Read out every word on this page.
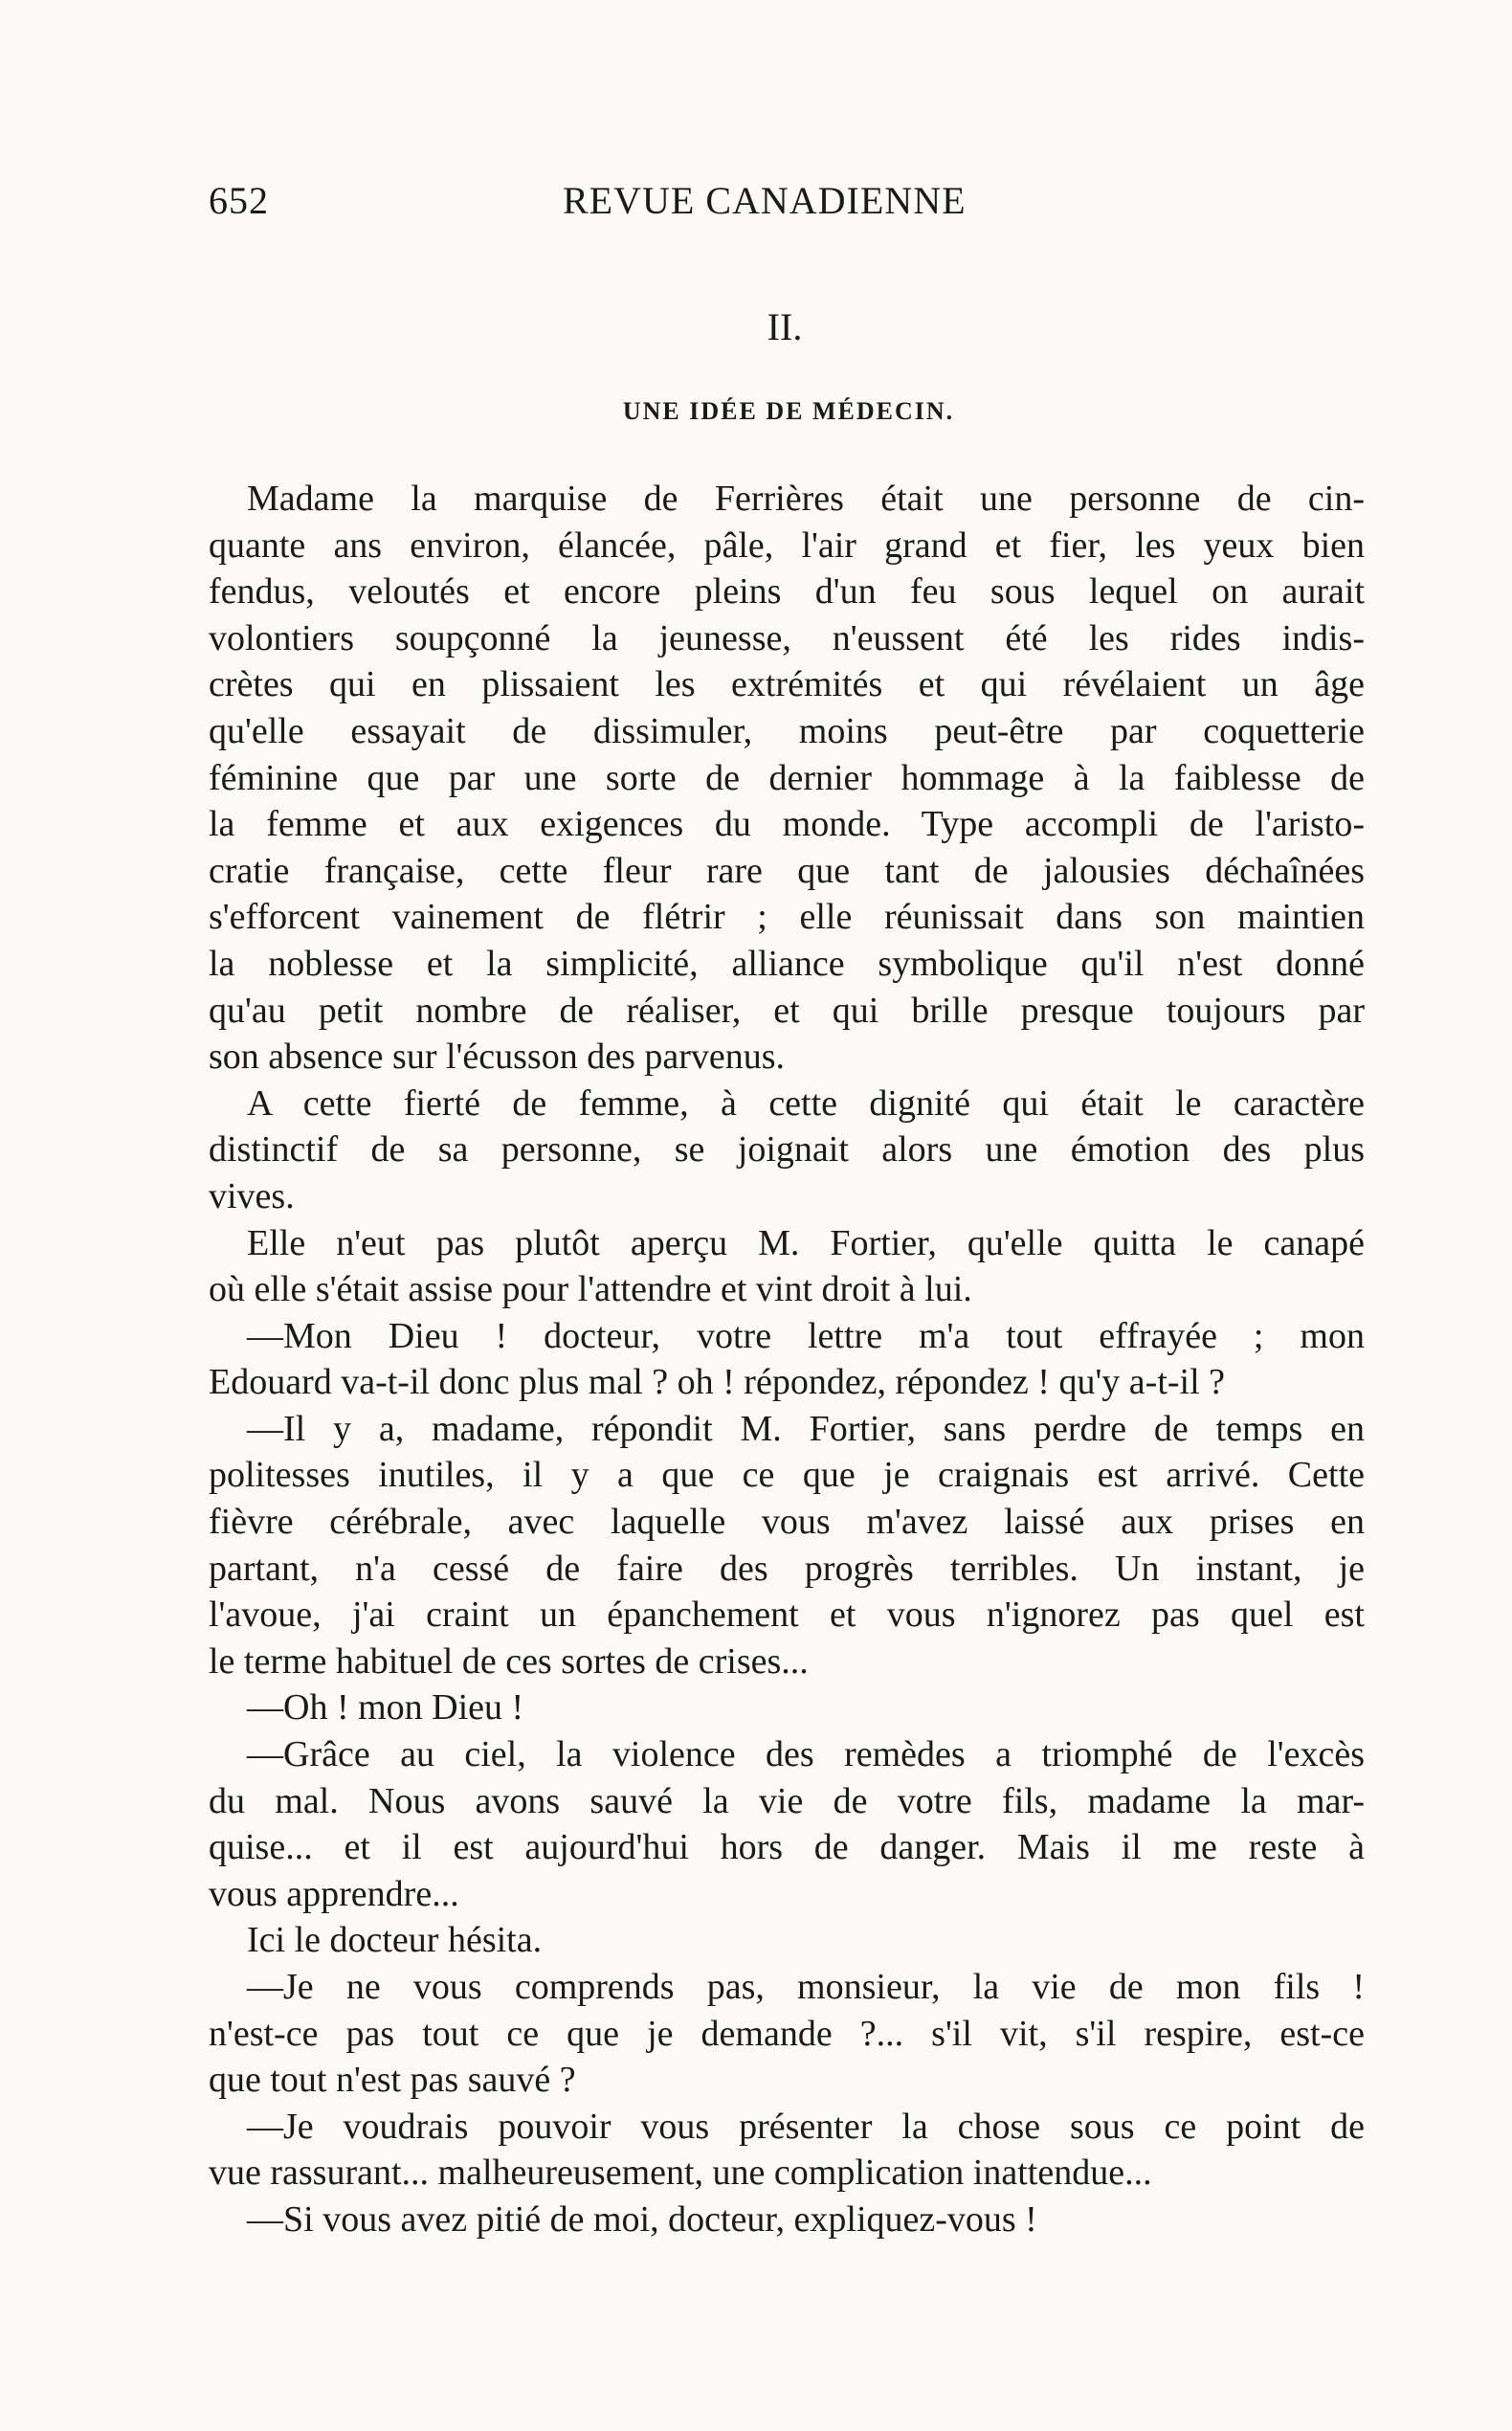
652	REVUE CANADIENNE
II.
UNE IDÉE DE MÉDECIN.

Madame la marquise de Ferrières était une personne de cin-
quante ans environ, élancée, pâle, l'air grand et fier, les yeux bien
fendus, veloutés et encore pleins d'un feu sous lequel on aurait
volontiers soupçonné la jeunesse, n'eussent été les rides indis-
crètes qui en plissaient les extrémités et qui révélaient un âge
qu'elle essayait de dissimuler, moins peut-être par coquetterie
féminine que par une sorte de dernier hommage à la faiblesse de
la femme et aux exigences du monde. Type accompli de l'aristo-
cratie française, cette fleur rare que tant de jalousies déchaînées
s'efforcent vainement de flétrir ; elle réunissait dans son maintien
la noblesse et la simplicité, alliance symbolique qu'il n'est donné
qu'au petit nombre de réaliser, et qui brille presque toujours par
son absence sur l'écusson des parvenus.

A cette fierté de femme, à cette dignité qui était le caractère
distinctif de sa personne, se joignait alors une émotion des plus
vives.

Elle n'eut pas plutôt aperçu M. Fortier, qu'elle quitta le canapé
où elle s'était assise pour l'attendre et vint droit à lui.

—Mon Dieu ! docteur, votre lettre m'a tout effrayée ; mon
Edouard va-t-il donc plus mal ? oh ! répondez, répondez ! qu'y a-t-il ?

—Il y a, madame, répondit M. Fortier, sans perdre de temps en
politesses inutiles, il y a que ce que je craignais est arrivé. Cette
fièvre cérébrale, avec laquelle vous m'avez laissé aux prises en
partant, n'a cessé de faire des progrès terribles. Un instant, je
l'avoue, j'ai craint un épanchement et vous n'ignorez pas quel est
le terme habituel de ces sortes de crises...

—Oh ! mon Dieu !

—Grâce au ciel, la violence des remèdes a triomphé de l'excès
du mal. Nous avons sauvé la vie de votre fils, madame la mar-
quise... et il est aujourd'hui hors de danger. Mais il me reste à
vous apprendre...

Ici le docteur hésita.

—Je ne vous comprends pas, monsieur, la vie de mon fils !
n'est-ce pas tout ce que je demande ?... s'il vit, s'il respire, est-ce
que tout n'est pas sauvé ?

—Je voudrais pouvoir vous présenter la chose sous ce point de
vue rassurant... malheureusement, une complication inattendue...

—Si vous avez pitié de moi, docteur, expliquez-vous !
